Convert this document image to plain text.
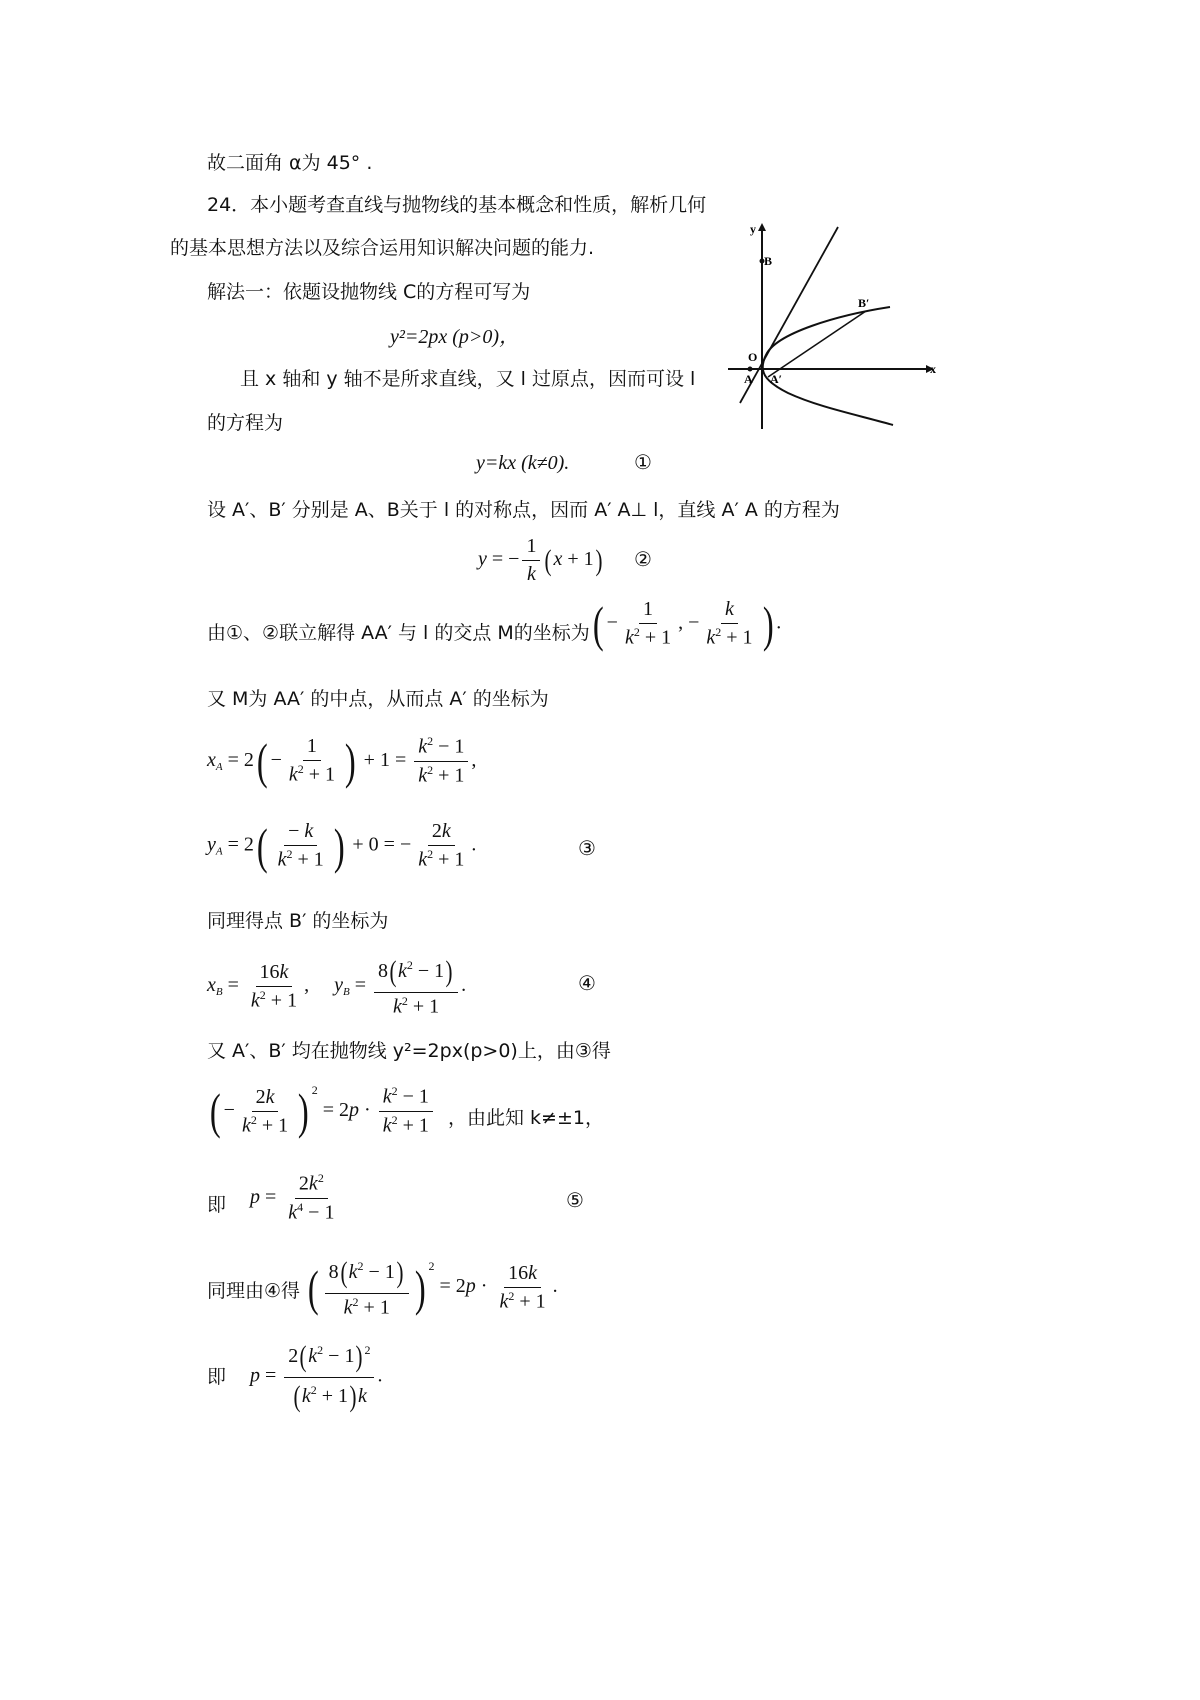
故二面角 α为 45° .
24．本小题考查直线与抛物线的基本概念和性质，解析几何
的基本思想方法以及综合运用知识解决问题的能力.
解法一：依题设抛物线 C的方程可写为
y²=2px (p>0)，
且 x 轴和 y 轴不是所求直线，又 l 过原点，因而可设 l
的方程为
y=kx (k≠0).	①
设 A′、B′ 分别是 A、B关于 l 的对称点，因而 A′ A⊥ l，直线 A′ A 的方程为
y = − $\frac{1}{k} (x + 1)$ ②
由①、②联立解得 AA′ 与 l 的交点 M的坐标为 ( − $\frac{1}{k^2 + 1}$ , − $\frac{k}{k^2 + 1}$ ) .
又 M为 AA′ 的中点，从而点 A′ 的坐标为
$x_A = 2( - \frac{1}{k^2 + 1}$ ) + $1 = \frac{k^2 - 1}{k^2 + 1}$ ,
$y_A = 2( \frac{- k}{k^2 + 1}$ ) + 0 = − $\frac{2k}{k^2 + 1}$ .	③
同理得点 B′ 的坐标为
$x_B = \frac{16k}{k^2 + 1}$ ,     $y_B = \frac{8(k^2 - 1)}{k^2 + 1}$ .	④
又 A′、B′ 均在抛物线 y²=2px(p>0)上，由③得
( − $\frac{2k}{k^2 + 1}$ ) $^2 = 2p \cdot \frac{k^2 - 1}{k^2 + 1}$ ，由此知 k≠±1，
即 $p = \frac{2k^2}{k^4 - 1}$	⑤
同理由④得 ( $\frac{8(k^2 - 1)}{k^2 + 1}$ ) $^2 = 2p \cdot \frac{16k}{k^2 + 1}$ .
即 $p = \frac{2(k^2 - 1) ^2}{(k^2 + 1)k}$ .
y
B
B′
O
A A′
x
